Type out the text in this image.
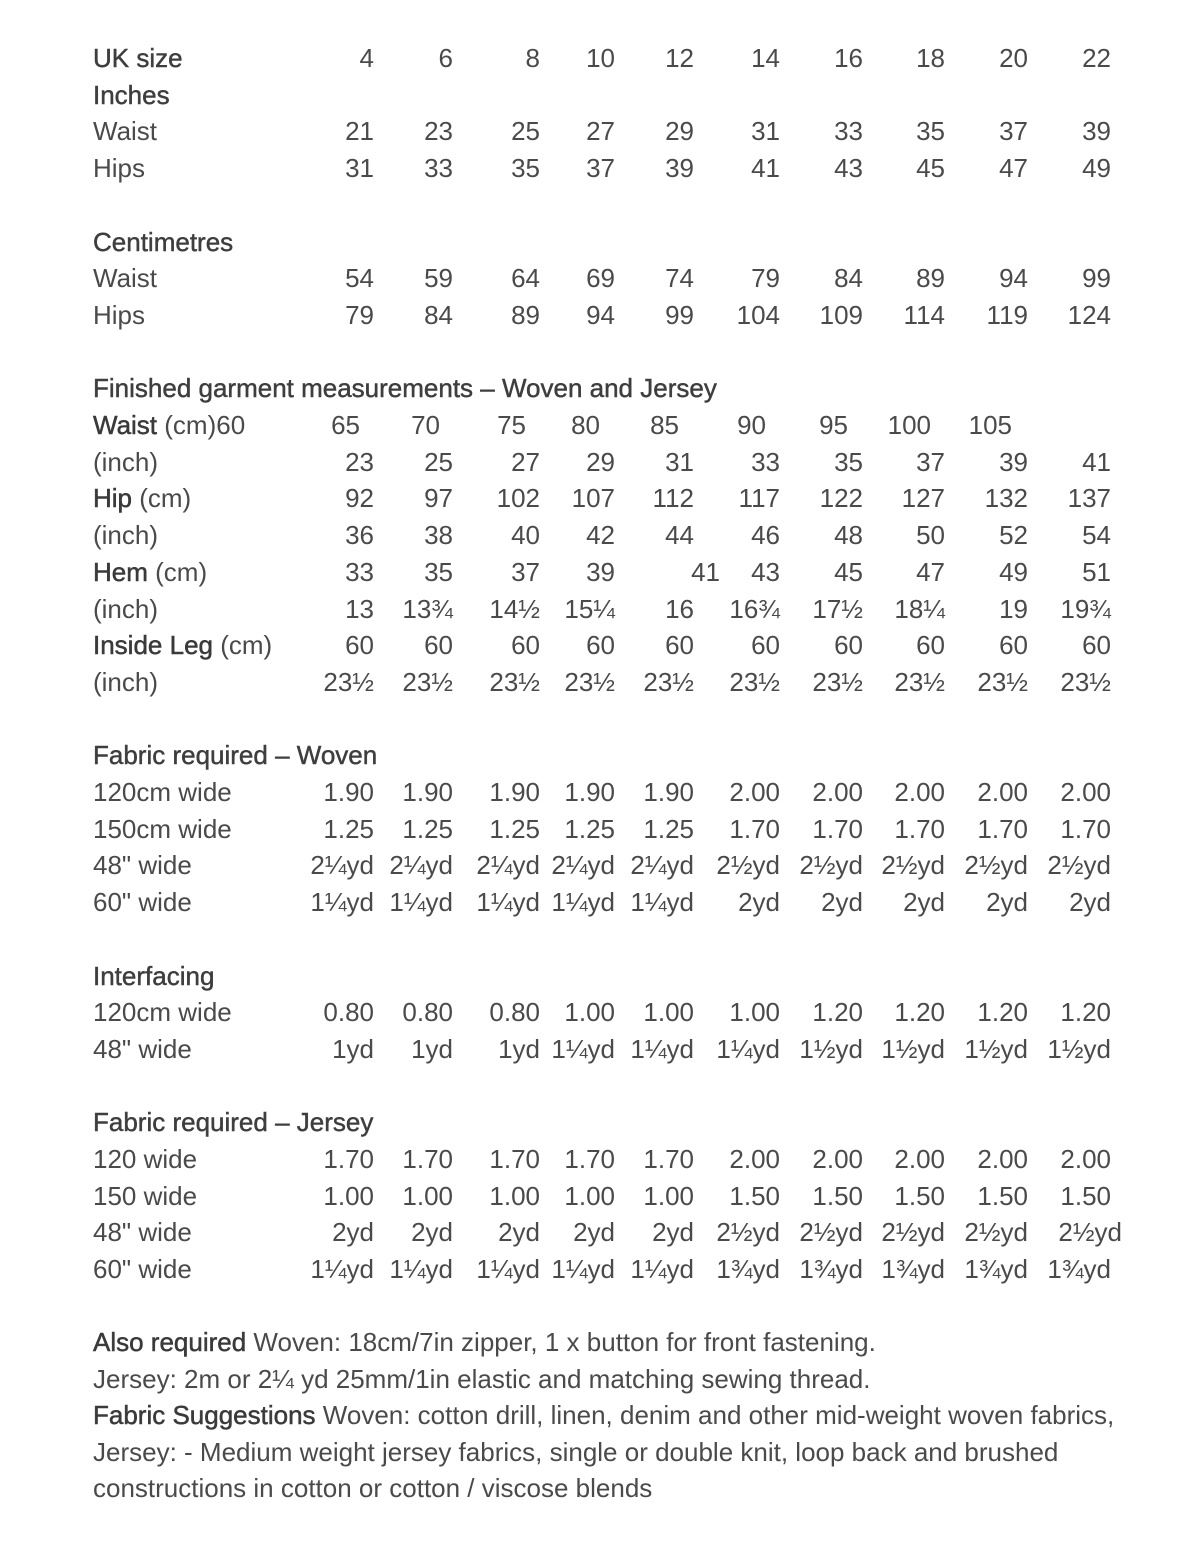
UK size	4 6	8 10 12 14 16 18 20 22
Inches
Waist	21 23 25 27 29 31 33 35 37 39
Hips	31 33 35 37 39 41 43 45 47 49
Centimetres
Waist	54 59 64 69 74 79 84 89 94 99
Hips	79 84 89 94 99 104 109 114 119 124
Finished garment measurements – Woven and Jersey
Waist (cm)60	65 70 75 80 85 90 95 100 105
(inch)	23 25 27 29 31 33 35 37 39 41
Hip (cm)	92 97 102 107 112 117 122 127 132 137
(inch)	36 38 40 42 44 46 48 50 52 54
Hem (cm)	33 35 37 39	41 43 45 47 49 51
(inch)	13 13¾ 14½ 15¼ 16 16¾ 17½ 18¼ 19 19¾
Inside Leg (cm)	60 60 60 60 60 60 60 60 60 60
(inch)	23½ 23½ 23½ 23½ 23½ 23½ 23½ 23½ 23½ 23½
Fabric required – Woven
120cm wide	1.90 1.90 1.90 1.90 1.90 2.00 2.00 2.00 2.00 2.00
150cm wide	1.25 1.25 1.25 1.25 1.25 1.70 1.70 1.70 1.70 1.70
48" wide	2¼yd 2¼yd 2¼yd 2¼yd 2¼yd 2½yd 2½yd 2½yd 2½yd 2½yd
60" wide	1¼yd 1¼yd 1¼yd 1¼yd 1¼yd 2yd 2yd 2yd 2yd 2yd
Interfacing
120cm wide	0.80 0.80 0.80 1.00 1.00 1.00 1.20 1.20 1.20 1.20
48" wide	1yd 1yd 1yd 1¼yd 1¼yd 1¼yd 1½yd 1½yd 1½yd 1½yd
Fabric required – Jersey
120 wide	1.70 1.70 1.70 1.70 1.70 2.00 2.00 2.00 2.00 2.00
150 wide	1.00 1.00 1.00 1.00 1.00 1.50 1.50 1.50 1.50 1.50
48" wide	2yd 2yd 2yd 2yd 2yd 2½yd 2½yd 2½yd 2½yd 2½yd
60" wide	1¼yd 1¼yd 1¼yd 1¼yd 1¼yd 1¾yd 1¾yd 1¾yd 1¾yd 1¾yd
Also required Woven: 18cm/7in zipper, 1 x button for front fastening.
Jersey: 2m or 2¼ yd 25mm/1in elastic and matching sewing thread.
Fabric Suggestions Woven: cotton drill, linen, denim and other mid-weight woven fabrics, Jersey: - Medium weight jersey fabrics, single or double knit, loop back and brushed constructions in cotton or cotton / viscose blends
